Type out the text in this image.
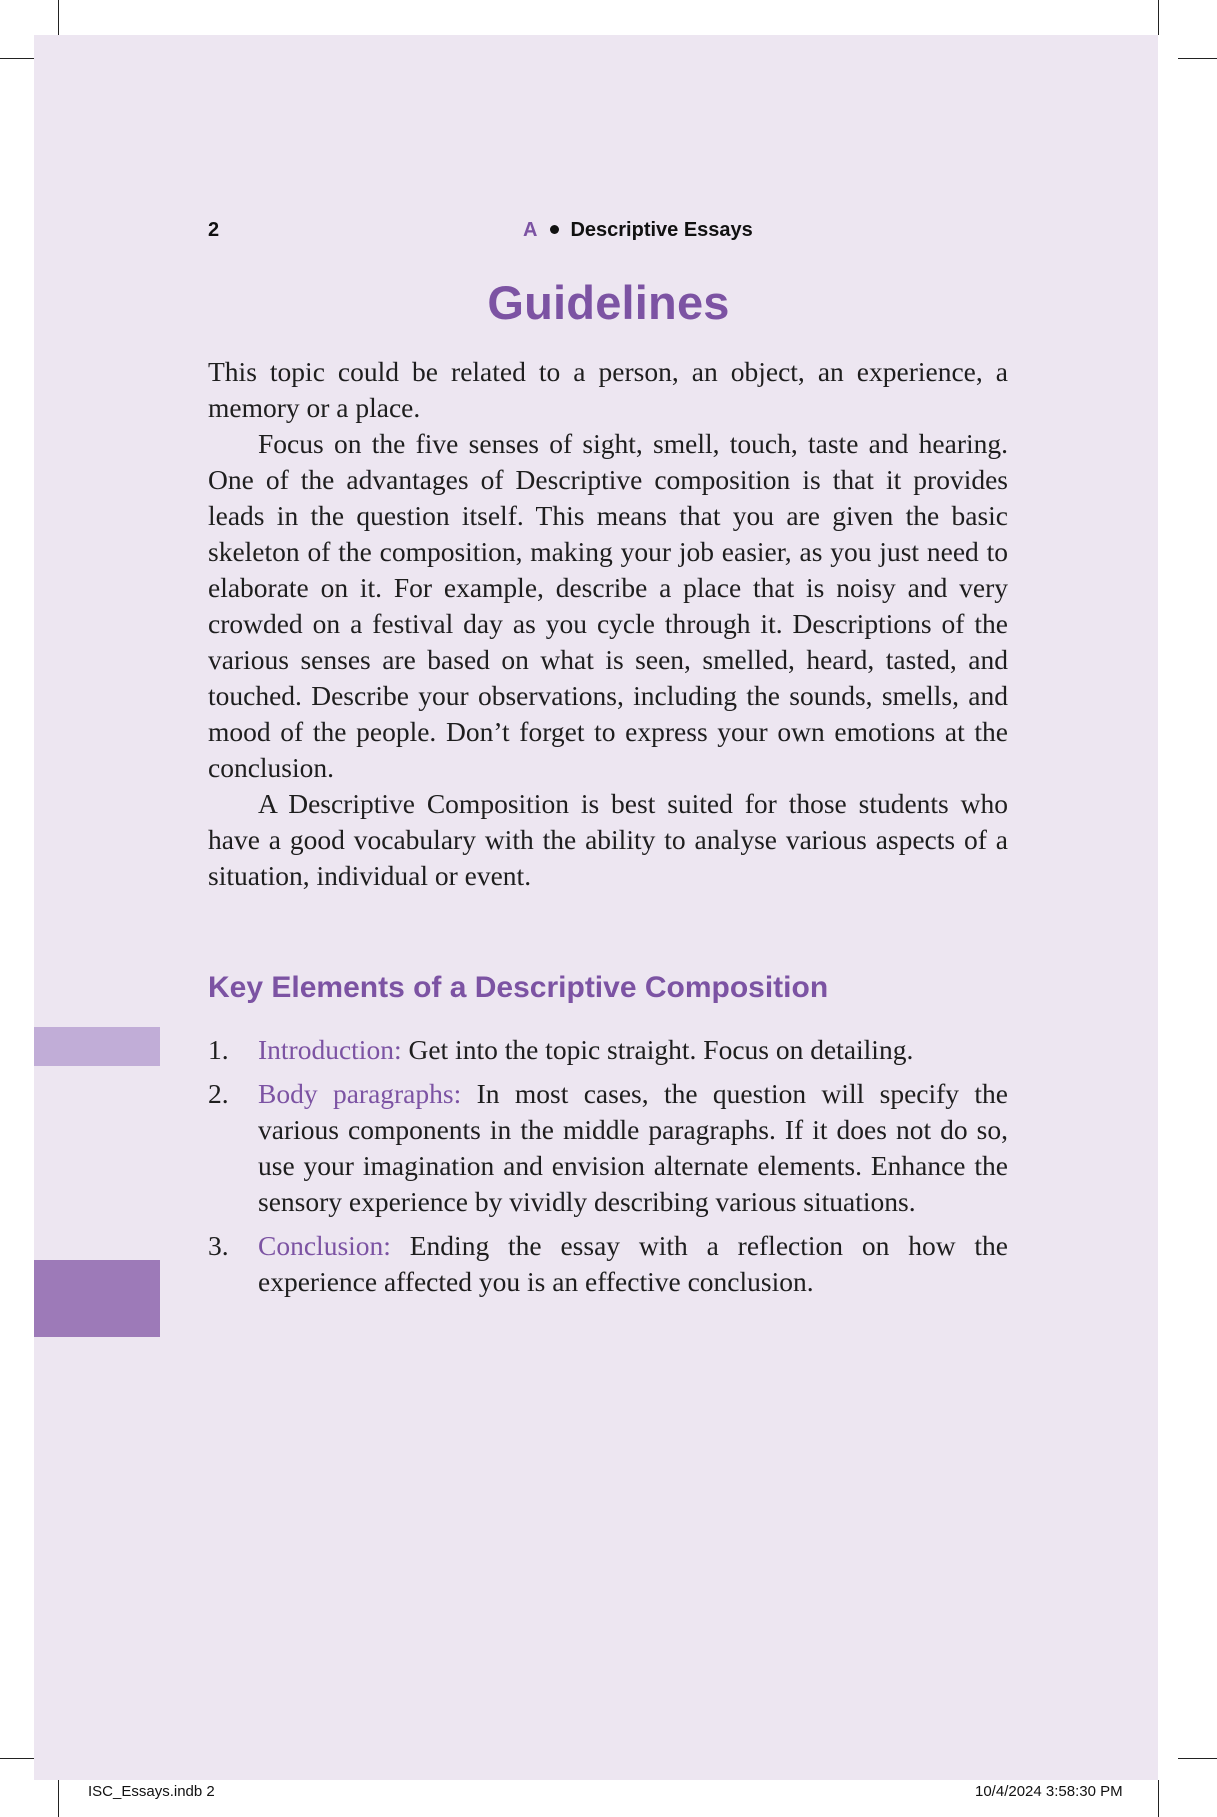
2	A Descriptive Essays
Guidelines

This topic could be related to a person, an object, an experience, a memory or a place.

Focus on the five senses of sight, smell, touch, taste and hearing. One of the advantages of Descriptive composition is that it provides leads in the question itself. This means that you are given the basic skeleton of the composition, making your job easier, as you just need to elaborate on it. For example, describe a place that is noisy and very crowded on a festival day as you cycle through it. Descriptions of the various senses are based on what is seen, smelled, heard, tasted, and touched. Describe your observations, including the sounds, smells, and mood of the people. Don’t forget to express your own emotions at the conclusion.

A Descriptive Composition is best suited for those students who have a good vocabulary with the ability to analyse various aspects of a situation, individual or event.

Key Elements of a Descriptive Composition
1. Introduction: Get into the topic straight. Focus on detailing.
2. Body paragraphs: In most cases, the question will specify the various components in the middle paragraphs. If it does not do so, use your imagination and envision alternate elements. Enhance the sensory experience by vividly describing various situations.
3. Conclusion: Ending the essay with a reflection on how the experience affected you is an effective conclusion.
ISC_Essays.indb 2	10/4/2024 3:58:30 PM
